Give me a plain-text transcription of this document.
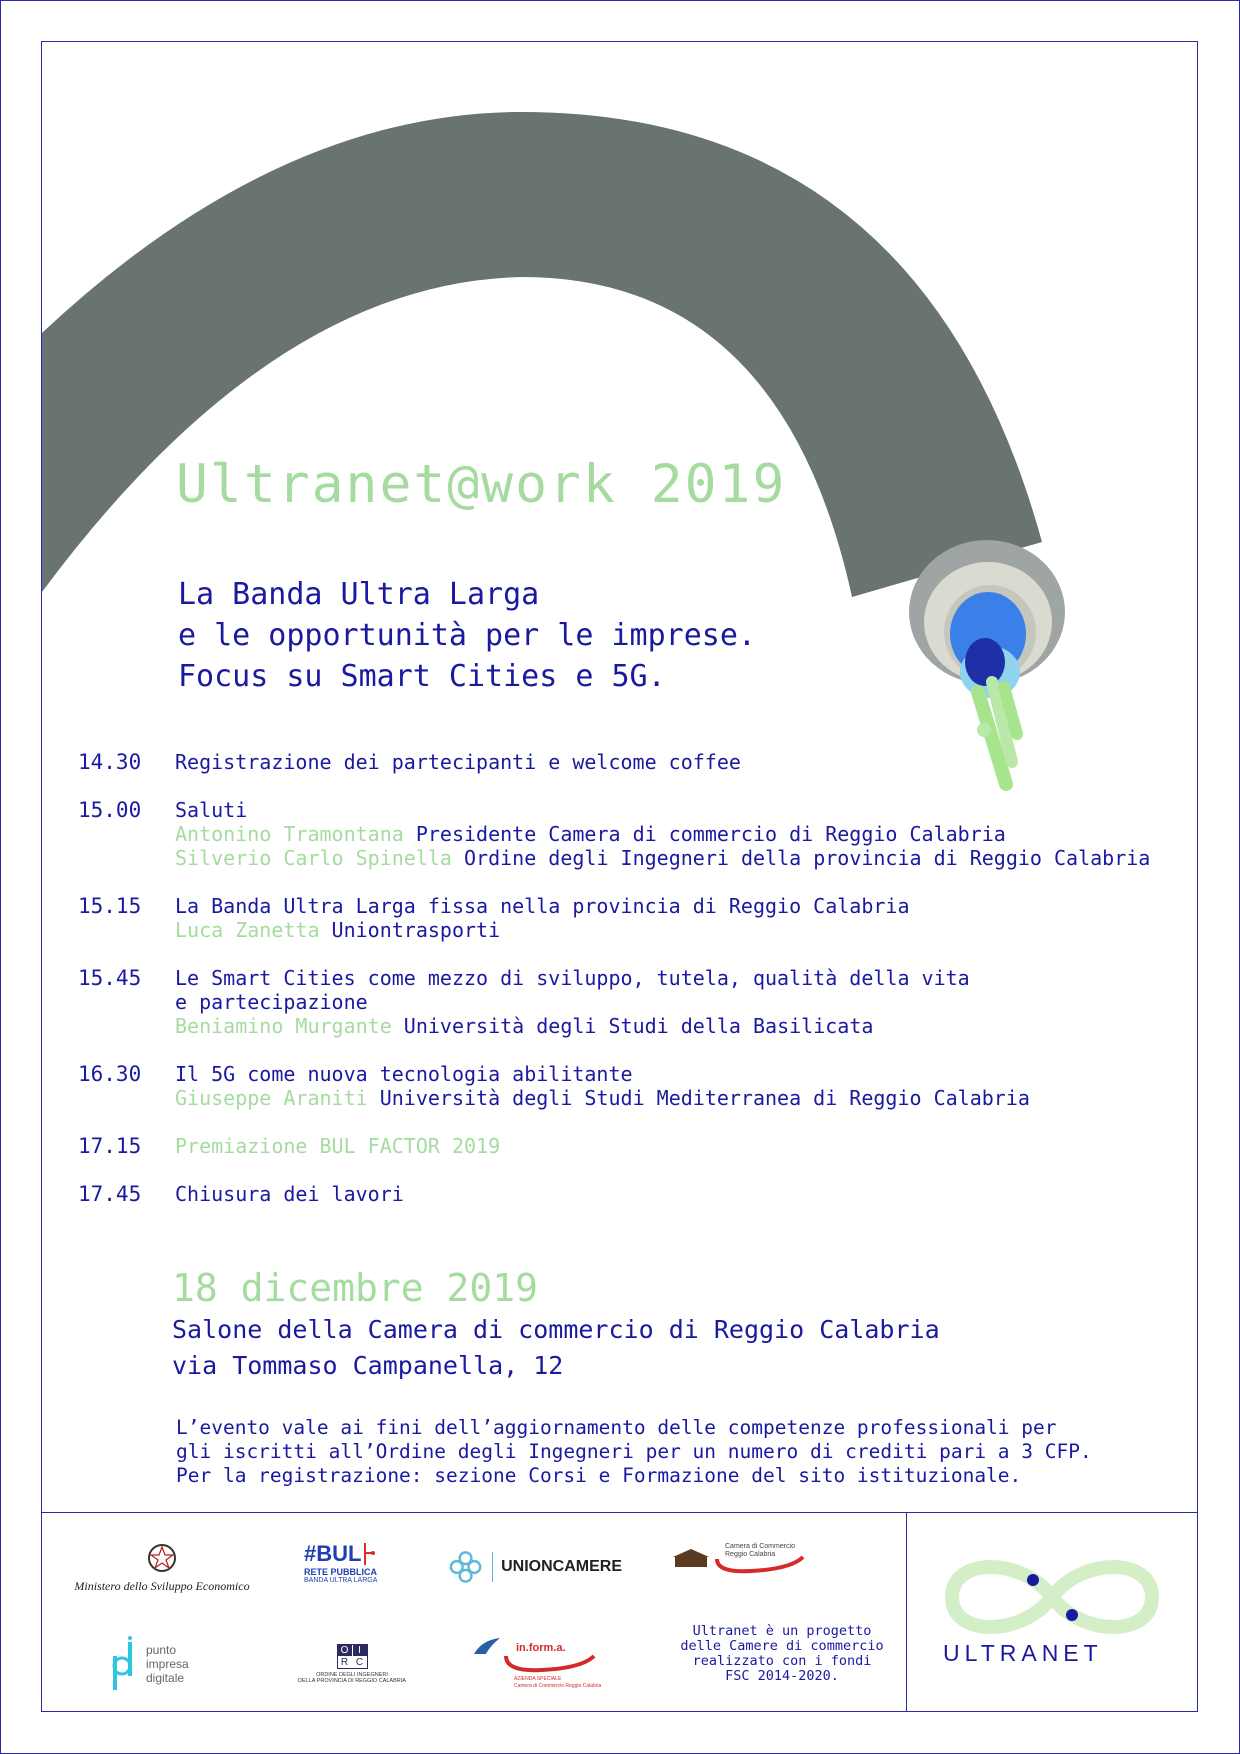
Ultranet@work 2019
La Banda Ultra Larga
e le opportunità per le imprese.
Focus su Smart Cities e 5G.
14.30 Registrazione dei partecipanti e welcome coffee
15.00 Saluti
Antonino Tramontana Presidente Camera di commercio di Reggio Calabria
Silverio Carlo Spinella Ordine degli Ingegneri della provincia di Reggio Calabria
15.15 La Banda Ultra Larga fissa nella provincia di Reggio Calabria
Luca Zanetta Uniontrasporti
15.45 Le Smart Cities come mezzo di sviluppo, tutela, qualità della vita
e partecipazione
Beniamino Murgante Università degli Studi della Basilicata
16.30 Il 5G come nuova tecnologia abilitante
Giuseppe Araniti Università degli Studi Mediterranea di Reggio Calabria
17.15 Premiazione BUL FACTOR 2019
17.45 Chiusura dei lavori
18 dicembre 2019
Salone della Camera di commercio di Reggio Calabria
via Tommaso Campanella, 12
L’evento vale ai fini dell’aggiornamento delle competenze professionali per
gli iscritti all’Ordine degli Ingegneri per un numero di crediti pari a 3 CFP.
Per la registrazione: sezione Corsi e Formazione del sito istituzionale.
Ministero dello Sviluppo Economico
#BUL
RETE PUBBLICA
BANDA ULTRA LARGA
UNIONCAMERE
Camera di Commercio
Reggio Calabria
punto
impresa
digitale
O I
R C
ORDINE DEGLI INGEGNERI
DELLA PROVINCIA DI REGGIO CALABRIA
in.form.a.
AZIENDA SPECIALE
Camera di Commercio Reggio Calabria
Ultranet è un progetto
delle Camere di commercio
realizzato con i fondi
FSC 2014-2020.
ULTRANET
